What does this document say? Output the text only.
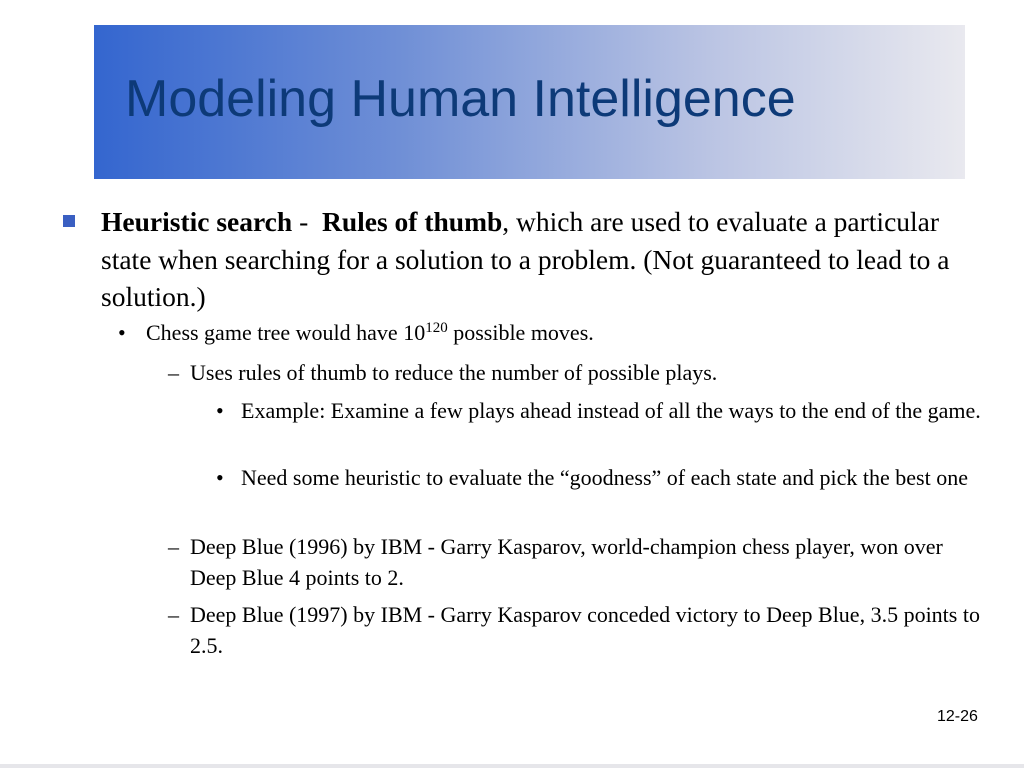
Modeling Human Intelligence
Heuristic search -  Rules of thumb, which are used to evaluate a particular state when searching for a solution to a problem. (Not guaranteed to lead to a solution.)
• Chess game tree would have $10^{120}$ possible moves.
– Uses rules of thumb to reduce the number of possible plays.
• Example: Examine a few plays ahead instead of all the ways to the end of the game.
• Need some heuristic to evaluate the “goodness” of each state and pick the best one
– Deep Blue (1996) by IBM - Garry Kasparov, world-champion chess player, won over Deep Blue 4 points to 2.
– Deep Blue (1997) by IBM - Garry Kasparov conceded victory to Deep Blue, 3.5 points to 2.5.
12-26
